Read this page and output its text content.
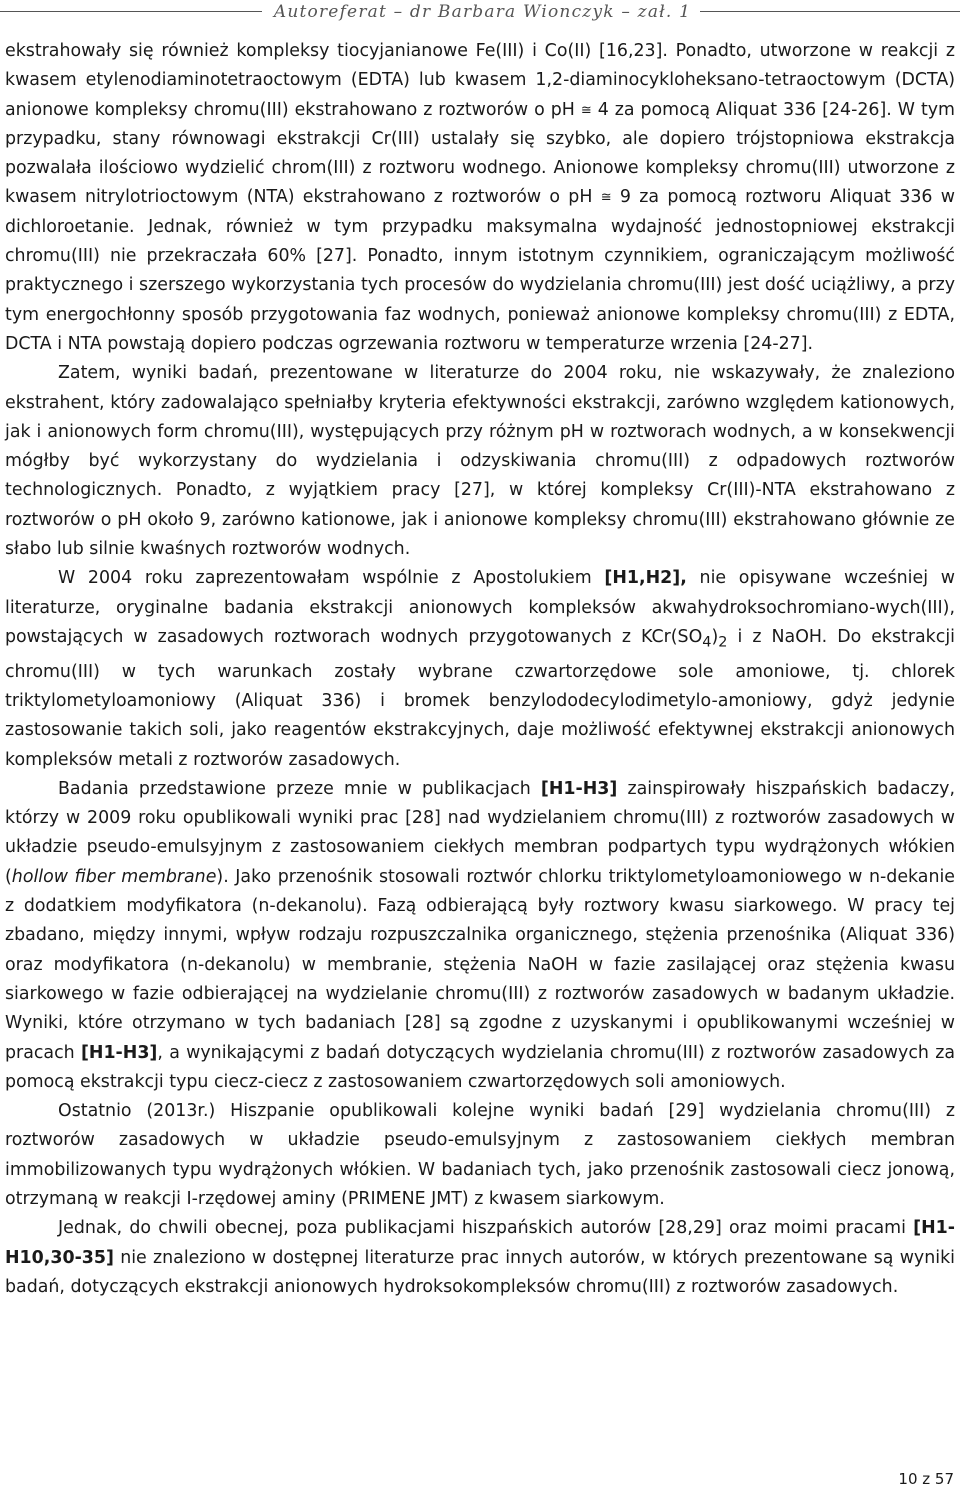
Autoreferat – dr Barbara Wionczyk – zał. 1

ekstrahowały się również kompleksy tiocyjanianowe Fe(III) i Co(II) [16,23]. Ponadto, utworzone w reakcji z kwasem etylenodiaminotetraoctowym (EDTA) lub kwasem 1,2-diaminocykloheksano-tetraoctowym (DCTA) anionowe kompleksy chromu(III) ekstrahowano z roztworów o pH ≅ 4 za pomocą Aliquat 336 [24-26]. W tym przypadku, stany równowagi ekstrakcji Cr(III) ustalały się szybko, ale dopiero trójstopniowa ekstrakcja pozwalała ilościowo wydzielić chrom(III) z roztworu wodnego. Anionowe kompleksy chromu(III) utworzone z kwasem nitrylotrioctowym (NTA) ekstrahowano z roztworów o pH ≅ 9 za pomocą roztworu Aliquat 336 w dichloroetanie. Jednak, również w tym przypadku maksymalna wydajność jednostopniowej ekstrakcji chromu(III) nie przekraczała 60% [27]. Ponadto, innym istotnym czynnikiem, ograniczającym możliwość praktycznego i szerszego wykorzystania tych procesów do wydzielania chromu(III) jest dość uciążliwy, a przy tym energochłonny sposób przygotowania faz wodnych, ponieważ anionowe kompleksy chromu(III) z EDTA, DCTA i NTA powstają dopiero podczas ogrzewania roztworu w temperaturze wrzenia [24-27].

Zatem, wyniki badań, prezentowane w literaturze do 2004 roku, nie wskazywały, że znaleziono ekstrahent, który zadowalająco spełniałby kryteria efektywności ekstrakcji, zarówno względem kationowych, jak i anionowych form chromu(III), występujących przy różnym pH w roztworach wodnych, a w konsekwencji mógłby być wykorzystany do wydzielania i odzyskiwania chromu(III) z odpadowych roztworów technologicznych. Ponadto, z wyjątkiem pracy [27], w której kompleksy Cr(III)-NTA ekstrahowano z roztworów o pH około 9, zarówno kationowe, jak i anionowe kompleksy chromu(III) ekstrahowano głównie ze słabo lub silnie kwaśnych roztworów wodnych.

W 2004 roku zaprezentowałam wspólnie z Apostolukiem [H1,H2], nie opisywane wcześniej w literaturze, oryginalne badania ekstrakcji anionowych kompleksów akwahydroksochromiano-wych(III), powstających w zasadowych roztworach wodnych przygotowanych z $KCr(SO_4)_2$ i z NaOH. Do ekstrakcji chromu(III) w tych warunkach zostały wybrane czwartorzędowe sole amoniowe, tj. chlorek triktylometyloamoniowy (Aliquat 336) i bromek benzylododecylodimetylo-amoniowy, gdyż jedynie zastosowanie takich soli, jako reagentów ekstrakcyjnych, daje możliwość efektywnej ekstrakcji anionowych kompleksów metali z roztworów zasadowych.

Badania przedstawione przeze mnie w publikacjach [H1-H3] zainspirowały hiszpańskich badaczy, którzy w 2009 roku opublikowali wyniki prac [28] nad wydzielaniem chromu(III) z roztworów zasadowych w układzie pseudo-emulsyjnym z zastosowaniem ciekłych membran podpartych typu wydrążonych włókien (hollow fiber membrane). Jako przenośnik stosowali roztwór chlorku triktylometyloamoniowego w n-dekanie z dodatkiem modyfikatora (n-dekanolu). Fazą odbierającą były roztwory kwasu siarkowego. W pracy tej zbadano, między innymi, wpływ rodzaju rozpuszczalnika organicznego, stężenia przenośnika (Aliquat 336) oraz modyfikatora (n-dekanolu) w membranie, stężenia NaOH w fazie zasilającej oraz stężenia kwasu siarkowego w fazie odbierającej na wydzielanie chromu(III) z roztworów zasadowych w badanym układzie. Wyniki, które otrzymano w tych badaniach [28] są zgodne z uzyskanymi i opublikowanymi wcześniej w pracach [H1-H3], a wynikającymi z badań dotyczących wydzielania chromu(III) z roztworów zasadowych za pomocą ekstrakcji typu ciecz-ciecz z zastosowaniem czwartorzędowych soli amoniowych.

Ostatnio (2013r.) Hiszpanie opublikowali kolejne wyniki badań [29] wydzielania chromu(III) z roztworów zasadowych w układzie pseudo-emulsyjnym z zastosowaniem ciekłych membran immobilizowanych typu wydrążonych włókien. W badaniach tych, jako przenośnik zastosowali ciecz jonową, otrzymaną w reakcji I-rzędowej aminy (PRIMENE JMT) z kwasem siarkowym.

Jednak, do chwili obecnej, poza publikacjami hiszpańskich autorów [28,29] oraz moimi pracami [H1-H10,30-35] nie znaleziono w dostępnej literaturze prac innych autorów, w których prezentowane są wyniki badań, dotyczących ekstrakcji anionowych hydroksokompleksów chromu(III) z roztworów zasadowych.

10 z 57
